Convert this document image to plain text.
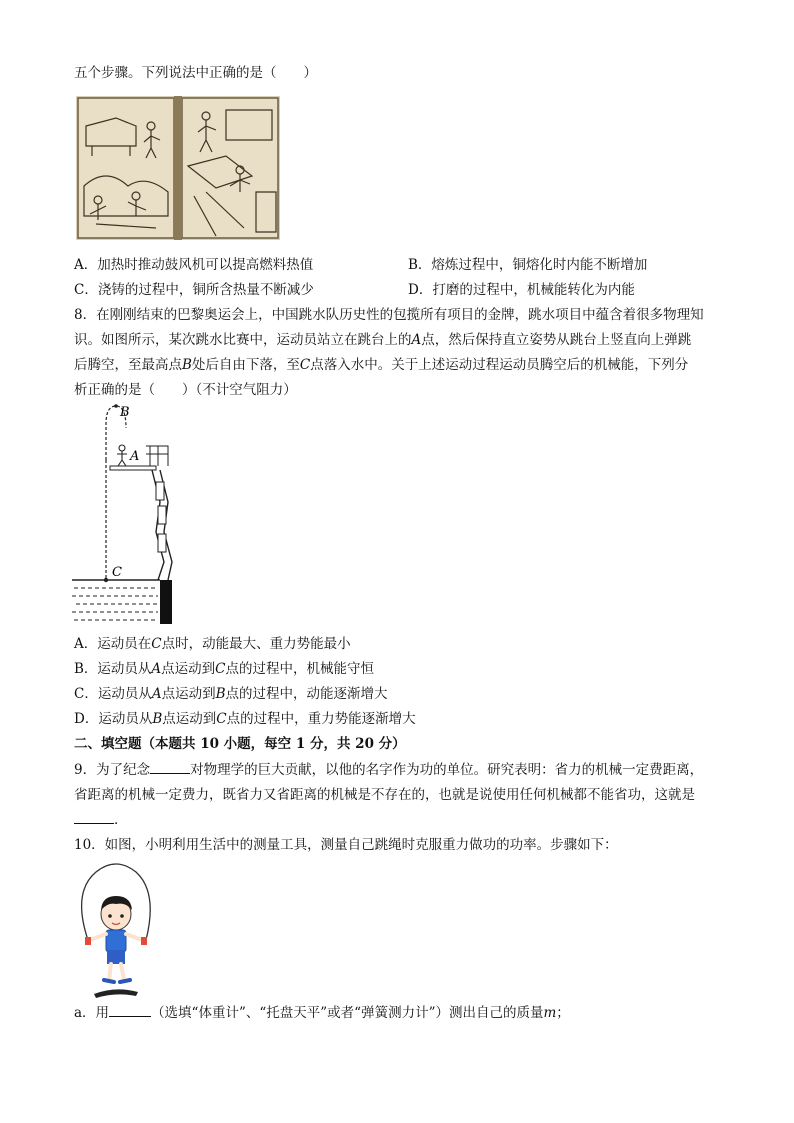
五个步骤。下列说法中正确的是（　　）
A．加热时推动鼓风机可以提高燃料热值	B．熔炼过程中，铜熔化时内能不断增加
C．浇铸的过程中，铜所含热量不断减少	D．打磨的过程中，机械能转化为内能
8．在刚刚结束的巴黎奥运会上，中国跳水队历史性的包揽所有项目的金牌，跳水项目中蕴含着很多物理知
识。如图所示，某次跳水比赛中，运动员站立在跳台上的A点，然后保持直立姿势从跳台上竖直向上弹跳
后腾空，至最高点B处后自由下落，至C点落入水中。关于上述运动过程运动员腾空后的机械能，下列分
析正确的是（　　）（不计空气阻力）
B
A
C
A．运动员在C点时，动能最大、重力势能最小
B．运动员从A点运动到C点的过程中，机械能守恒
C．运动员从A点运动到B点的过程中，动能逐渐增大
D．运动员从B点运动到C点的过程中，重力势能逐渐增大
二、填空题（本题共 10 小题，每空 1 分，共 20 分）
9．为了纪念	对物理学的巨大贡献，以他的名字作为功的单位。研究表明：省力的机械一定费距离，
省距离的机械一定费力，既省力又省距离的机械是不存在的，也就是说使用任何机械都不能省功，这就是
．
10．如图，小明利用生活中的测量工具，测量自己跳绳时克服重力做功的功率。步骤如下：
a．用	（选填“体重计”、“托盘天平”或者“弹簧测力计”）测出自己的质量m；
